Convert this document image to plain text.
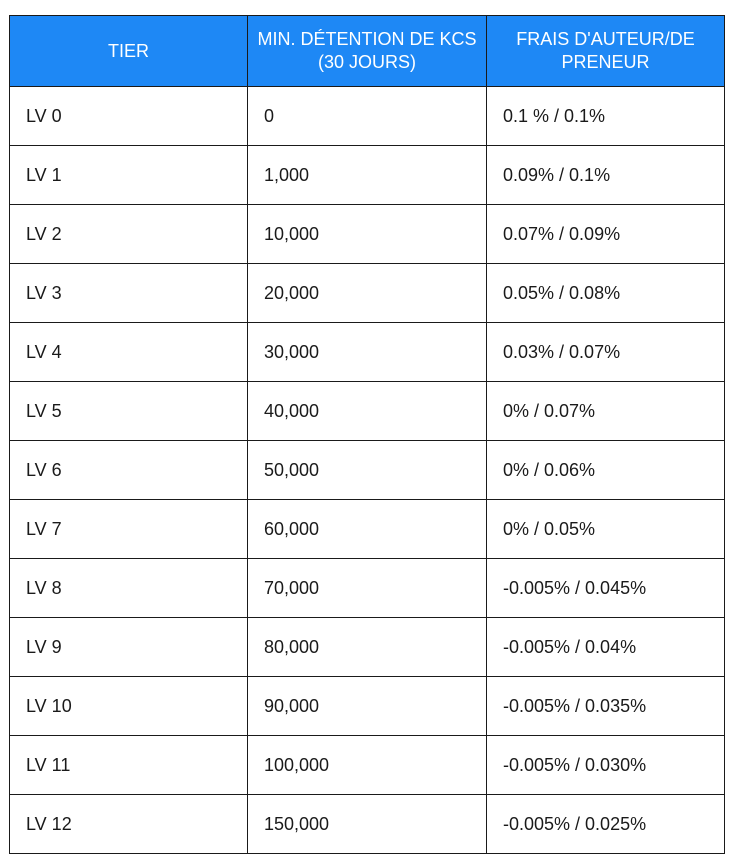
TIER	MIN. DÉTENTION DE KCS (30 JOURS)	FRAIS D'AUTEUR/DE PRENEUR
LV 0	0	0.1 % / 0.1%
LV 1	1,000	0.09% / 0.1%
LV 2	10,000	0.07% / 0.09%
LV 3	20,000	0.05% / 0.08%
LV 4	30,000	0.03% / 0.07%
LV 5	40,000	0% / 0.07%
LV 6	50,000	0% / 0.06%
LV 7	60,000	0% / 0.05%
LV 8	70,000	-0.005% / 0.045%
LV 9	80,000	-0.005% / 0.04%
LV 10	90,000	-0.005% / 0.035%
LV 11	100,000	-0.005% / 0.030%
LV 12	150,000	-0.005% / 0.025%
